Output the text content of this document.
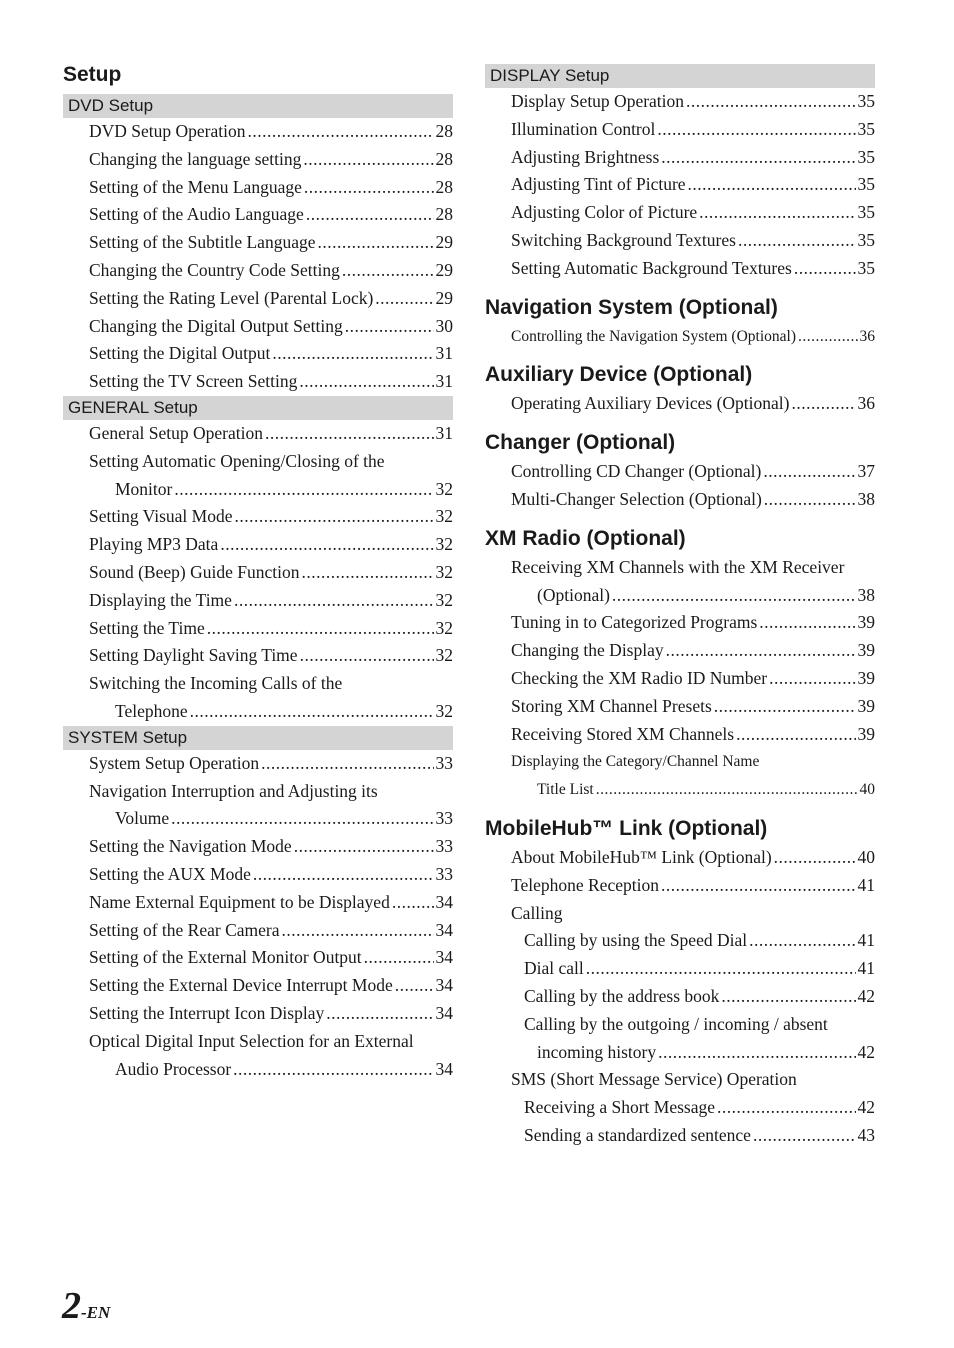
Setup
DVD Setup
DVD Setup Operation .....	28
Changing the language setting .....	28
Setting of the Menu Language .....	28
Setting of the Audio Language .....	28
Setting of the Subtitle Language .....	29
Changing the Country Code Setting .....	29
Setting the Rating Level (Parental Lock) .....	29
Changing the Digital Output Setting .....	30
Setting the Digital Output .....	31
Setting the TV Screen Setting .....	31
GENERAL Setup
General Setup Operation .....	31
Setting Automatic Opening/Closing of the
Monitor .....	32
Setting Visual Mode .....	32
Playing MP3 Data .....	32
Sound (Beep) Guide Function .....	32
Displaying the Time .....	32
Setting the Time .....	32
Setting Daylight Saving Time .....	32
Switching the Incoming Calls of the
Telephone .....	32
SYSTEM Setup
System Setup Operation .....	33
Navigation Interruption and Adjusting its
Volume .....	33
Setting the Navigation Mode .....	33
Setting the AUX Mode .....	33
Name External Equipment to be Displayed .....	34
Setting of the Rear Camera .....	34
Setting of the External Monitor Output .....	34
Setting the External Device Interrupt Mode ..... 34
Setting the Interrupt Icon Display .....	34
Optical Digital Input Selection for an External
Audio Processor .....	34
DISPLAY Setup
Display Setup Operation .....	35
Illumination Control .....	35
Adjusting Brightness .....	35
Adjusting Tint of Picture .....	35
Adjusting Color of Picture .....	35
Switching Background Textures .....	35
Setting Automatic Background Textures .....	35
Navigation System (Optional)
Controlling the Navigation System (Optional) .....	36
Auxiliary Device (Optional)
Operating Auxiliary Devices (Optional) .....	36
Changer (Optional)
Controlling CD Changer (Optional) .....	37
Multi-Changer Selection (Optional) .....	38
XM Radio (Optional)
Receiving XM Channels with the XM Receiver
(Optional) .....	38
Tuning in to Categorized Programs .....	39
Changing the Display .....	39
Checking the XM Radio ID Number .....	39
Storing XM Channel Presets .....	39
Receiving Stored XM Channels .....	39
Displaying the Category/Channel Name
Title List .....	40
MobileHub™ Link (Optional)
About MobileHub™ Link (Optional) .....	40
Telephone Reception .....	41
Calling
Calling by using the Speed Dial .....	41
Dial call .....	41
Calling by the address book .....	42
Calling by the outgoing / incoming / absent
incoming history .....	42
SMS (Short Message Service) Operation
Receiving a Short Message .....	42
Sending a standardized sentence .....	43
2-EN
